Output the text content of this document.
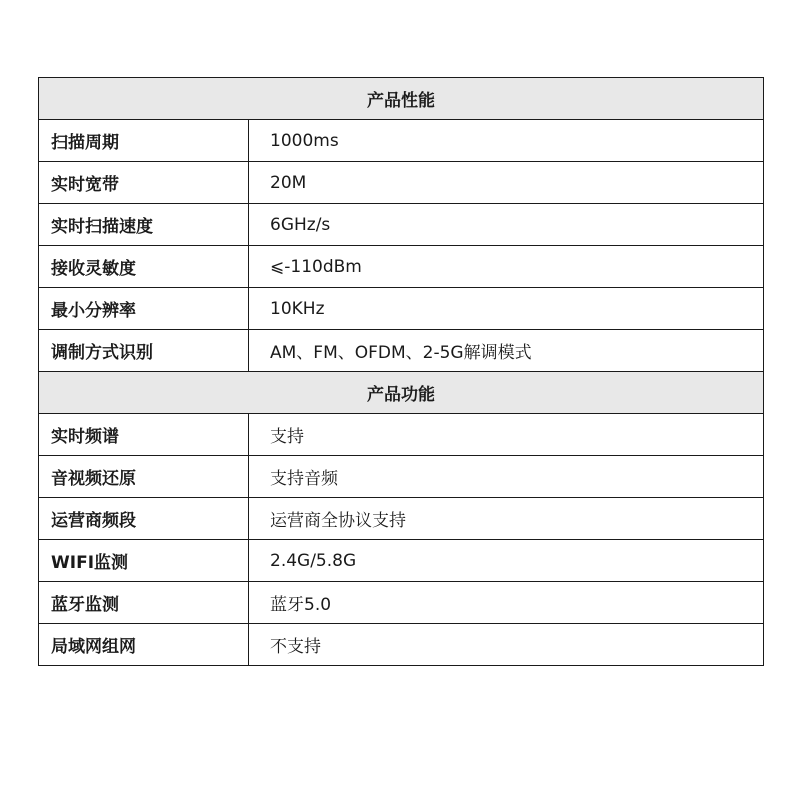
产品性能	
扫描周期	1000ms
实时宽带	20M
实时扫描速度	6GHz/s
接收灵敏度	⩽-110dBm
最小分辨率	10KHz
调制方式识别	AM、FM、OFDM、2-5G解调模式
产品功能	
实时频谱	支持
音视频还原	支持音频
运营商频段	运营商全协议支持
WIFI监测	2.4G/5.8G
蓝牙监测	蓝牙5.0
局域网组网	不支持
